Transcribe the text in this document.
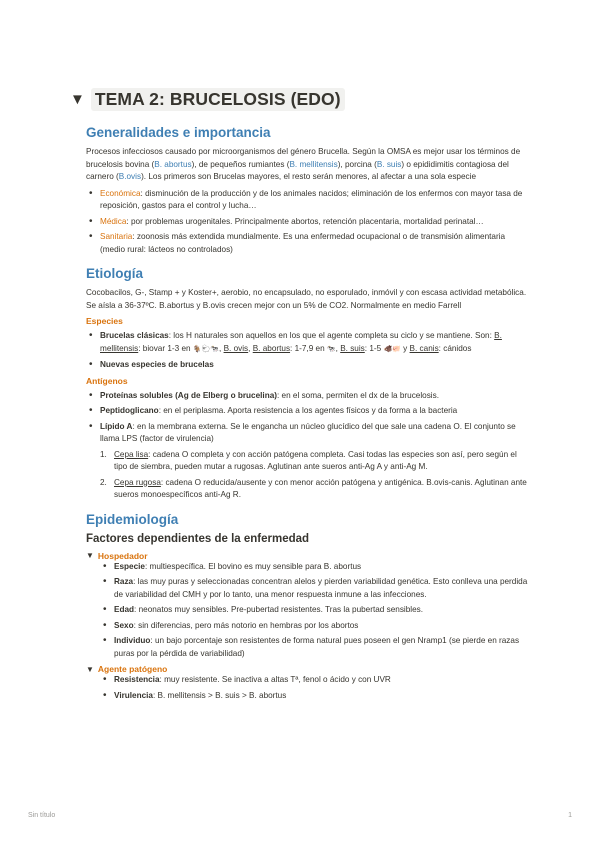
▼ TEMA 2: BRUCELOSIS (EDO)
Generalidades e importancia
Procesos infecciosos causado por microorganismos del género Brucella. Según la OMSA es mejor usar los términos de brucelosis bovina (B. abortus), de pequeños rumiantes (B. mellitensis), porcina (B. suis) o epididimitis contagiosa del carnero (B.ovis). Los primeros son Brucelas mayores, el resto serán menores, al afectar a una sola especie
• Económica: disminución de la producción y de los animales nacidos; eliminación de los enfermos con mayor tasa de reposición, gastos para el control y lucha…
• Médica: por problemas urogenitales. Principalmente abortos, retención placentaria, mortalidad perinatal…
• Sanitaria: zoonosis más extendida mundialmente. Es una enfermedad ocupacional o de transmisión alimentaria (medio rural: lácteos no controlados)
Etiología
Cocobacilos, G-, Stamp + y Koster+, aerobio, no encapsulado, no esporulado, inmóvil y con escasa actividad metabólica. Se aísla a 36-37ºC. B.abortus y B.ovis crecen mejor con un 5% de CO2. Normalmente en medio Farrell
Especies
• Brucelas clásicas: los H naturales son aquellos en los que el agente completa su ciclo y se mantiene. Son: B. mellitensis: biovar 1-3 en 🐐🐑🐄, B. ovis, B. abortus: 1-7,9 en 🐄, B. suis: 1-5 🐗🐖 y B. canis: cánidos
• Nuevas especies de brucelas
Antígenos
• Proteínas solubles (Ag de Elberg o brucelina): en el soma, permiten el dx de la brucelosis.
• Peptidoglicano: en el periplasma. Aporta resistencia a los agentes físicos y da forma a la bacteria
• Lípido A: en la membrana externa. Se le engancha un núcleo glucídico del que sale una cadena O. El conjunto se llama LPS (factor de virulencia)
1. Cepa lisa: cadena O completa y con acción patógena completa. Casi todas las especies son así, pero según el tipo de siembra, pueden mutar a rugosas. Aglutinan ante sueros anti-Ag A y anti-Ag M.
2. Cepa rugosa: cadena O reducida/ausente y con menor acción patógena y antigénica. B.ovis-canis. Aglutinan ante sueros monoespecíficos anti-Ag R.
Epidemiología
Factores dependientes de la enfermedad
▼ Hospedador
• Especie: multiespecífica. El bovino es muy sensible para B. abortus
• Raza: las muy puras y seleccionadas concentran alelos y pierden variabilidad genética. Esto conlleva una perdida de variabilidad del CMH y por lo tanto, una menor respuesta inmune a las infecciones.
• Edad: neonatos muy sensibles. Pre-pubertad resistentes. Tras la pubertad sensibles.
• Sexo: sin diferencias, pero más notorio en hembras por los abortos
• Individuo: un bajo porcentaje son resistentes de forma natural pues poseen el gen Nramp1 (se pierde en razas puras por la pérdida de variabilidad)
▼ Agente patógeno
• Resistencia: muy resistente. Se inactiva a altas Tª, fenol o ácido y con UVR
• Virulencia: B. mellitensis > B. suis > B. abortus
Sin título	1
